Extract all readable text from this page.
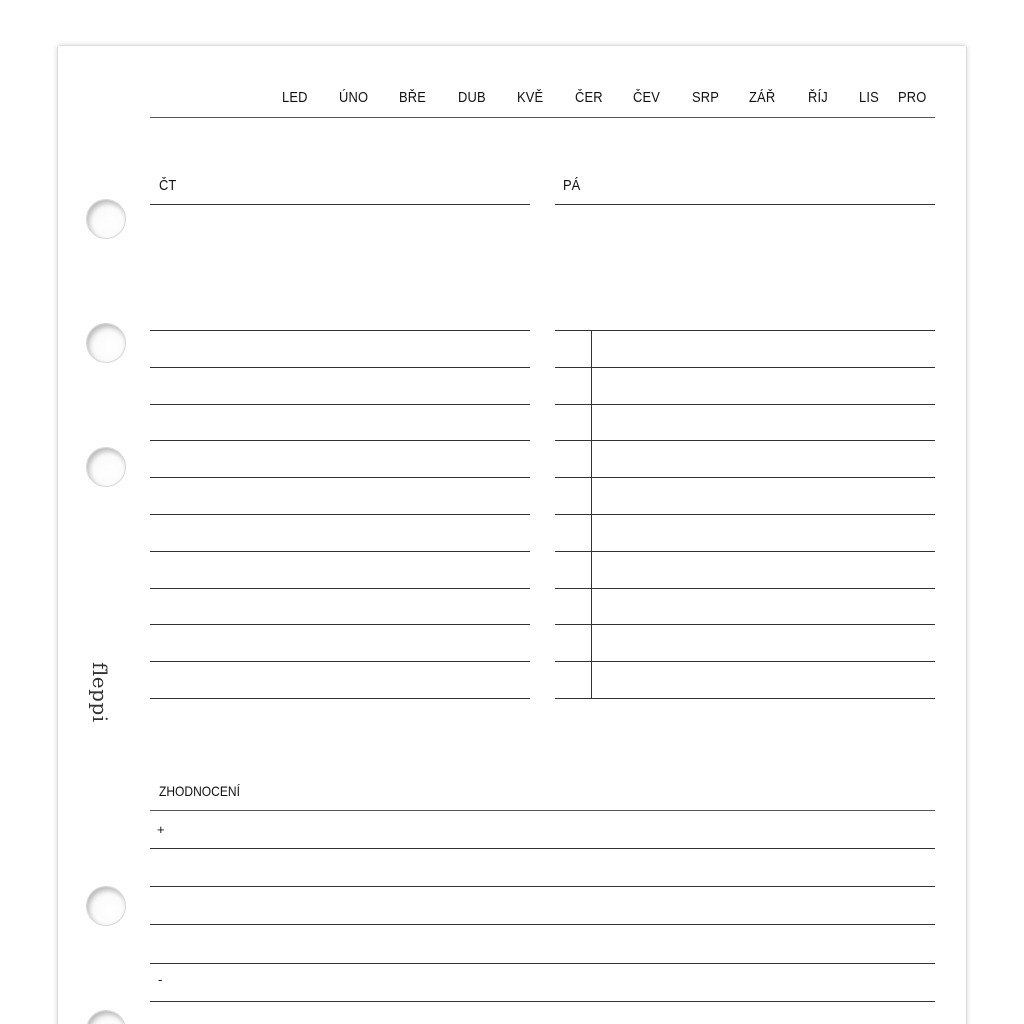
LED ÚNO BŘE DUB KVĚ ČER ČEV SRP ZÁŘ ŘÍJ LIS PRO
ČT	PÁ
fleppi
ZHODNOCENÍ
+
-
